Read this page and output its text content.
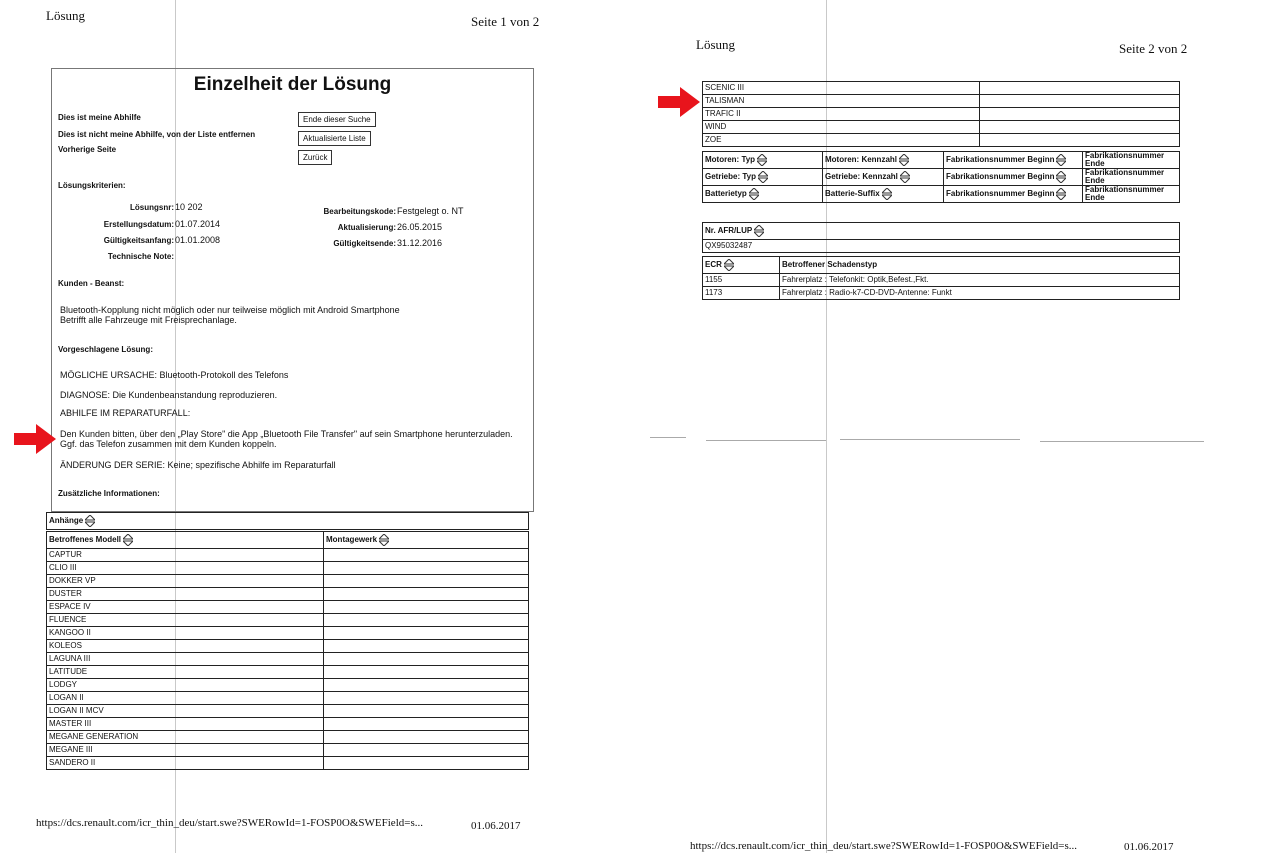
Lösung	Seite 1 von 2
Einzelheit der Lösung
Dies ist meine Abhilfe	Ende dieser Suche
Dies ist nicht meine Abhilfe, von der Liste entfernen	Aktualisierte Liste
Vorherige Seite
Zurück
Lösungskriterien:
Lösungsnr: 10 202
Erstellungsdatum: 01.07.2014
Gültigkeitsanfang: 01.01.2008
Technische Note:
Bearbeitungskode: Festgelegt o. NT
Aktualisierung: 26.05.2015
Gültigkeitsende: 31.12.2016
Kunden - Beanst:
Bluetooth-Kopplung nicht möglich oder nur teilweise möglich mit Android Smartphone
Betrifft alle Fahrzeuge mit Freisprechanlage.
Vorgeschlagene Lösung:
MÖGLICHE URSACHE: Bluetooth-Protokoll des Telefons
DIAGNOSE: Die Kundenbeanstandung reproduzieren.
ABHILFE IM REPARATURFALL:
Den Kunden bitten, über den „Play Store" die App „Bluetooth File Transfer" auf sein Smartphone herunterzuladen.
Ggf. das Telefon zusammen mit dem Kunden koppeln.
ÄNDERUNG DER SERIE: Keine; spezifische Abhilfe im Reparaturfall
Zusätzliche Informationen:
Anhänge
Betroffenes Modell	Montagewerk
CAPTUR	
CLIO III	
DOKKER VP	
DUSTER	
ESPACE IV	
FLUENCE	
KANGOO II	
KOLEOS	
LAGUNA III	
LATITUDE	
LODGY	
LOGAN II	
LOGAN II MCV	
MASTER III	
MEGANE GENERATION	
MEGANE III	
SANDERO II	
https://dcs.renault.com/icr_thin_deu/start.swe?SWERowId=1-FOSP0O&SWEField=s...	01.06.2017
Lösung	Seite 2 von 2
SCENIC III	
TALISMAN	
TRAFIC II	
WIND	
ZOE	
Motoren: Typ	Motoren: Kennzahl	Fabrikationsnummer Beginn	Fabrikationsnummer Ende
Getriebe: Typ	Getriebe: Kennzahl	Fabrikationsnummer Beginn	Fabrikationsnummer Ende
Batterietyp	Batterie-Suffix	Fabrikationsnummer Beginn	Fabrikationsnummer Ende
Nr. AFR/LUP
QX95032487
ECR	Betroffener Schadenstyp
1155	Fahrerplatz : Telefonkit: Optik,Befest.,Fkt.
1173	Fahrerplatz : Radio-k7-CD-DVD-Antenne: Funkt
https://dcs.renault.com/icr_thin_deu/start.swe?SWERowId=1-FOSP0O&SWEField=s...	01.06.2017
